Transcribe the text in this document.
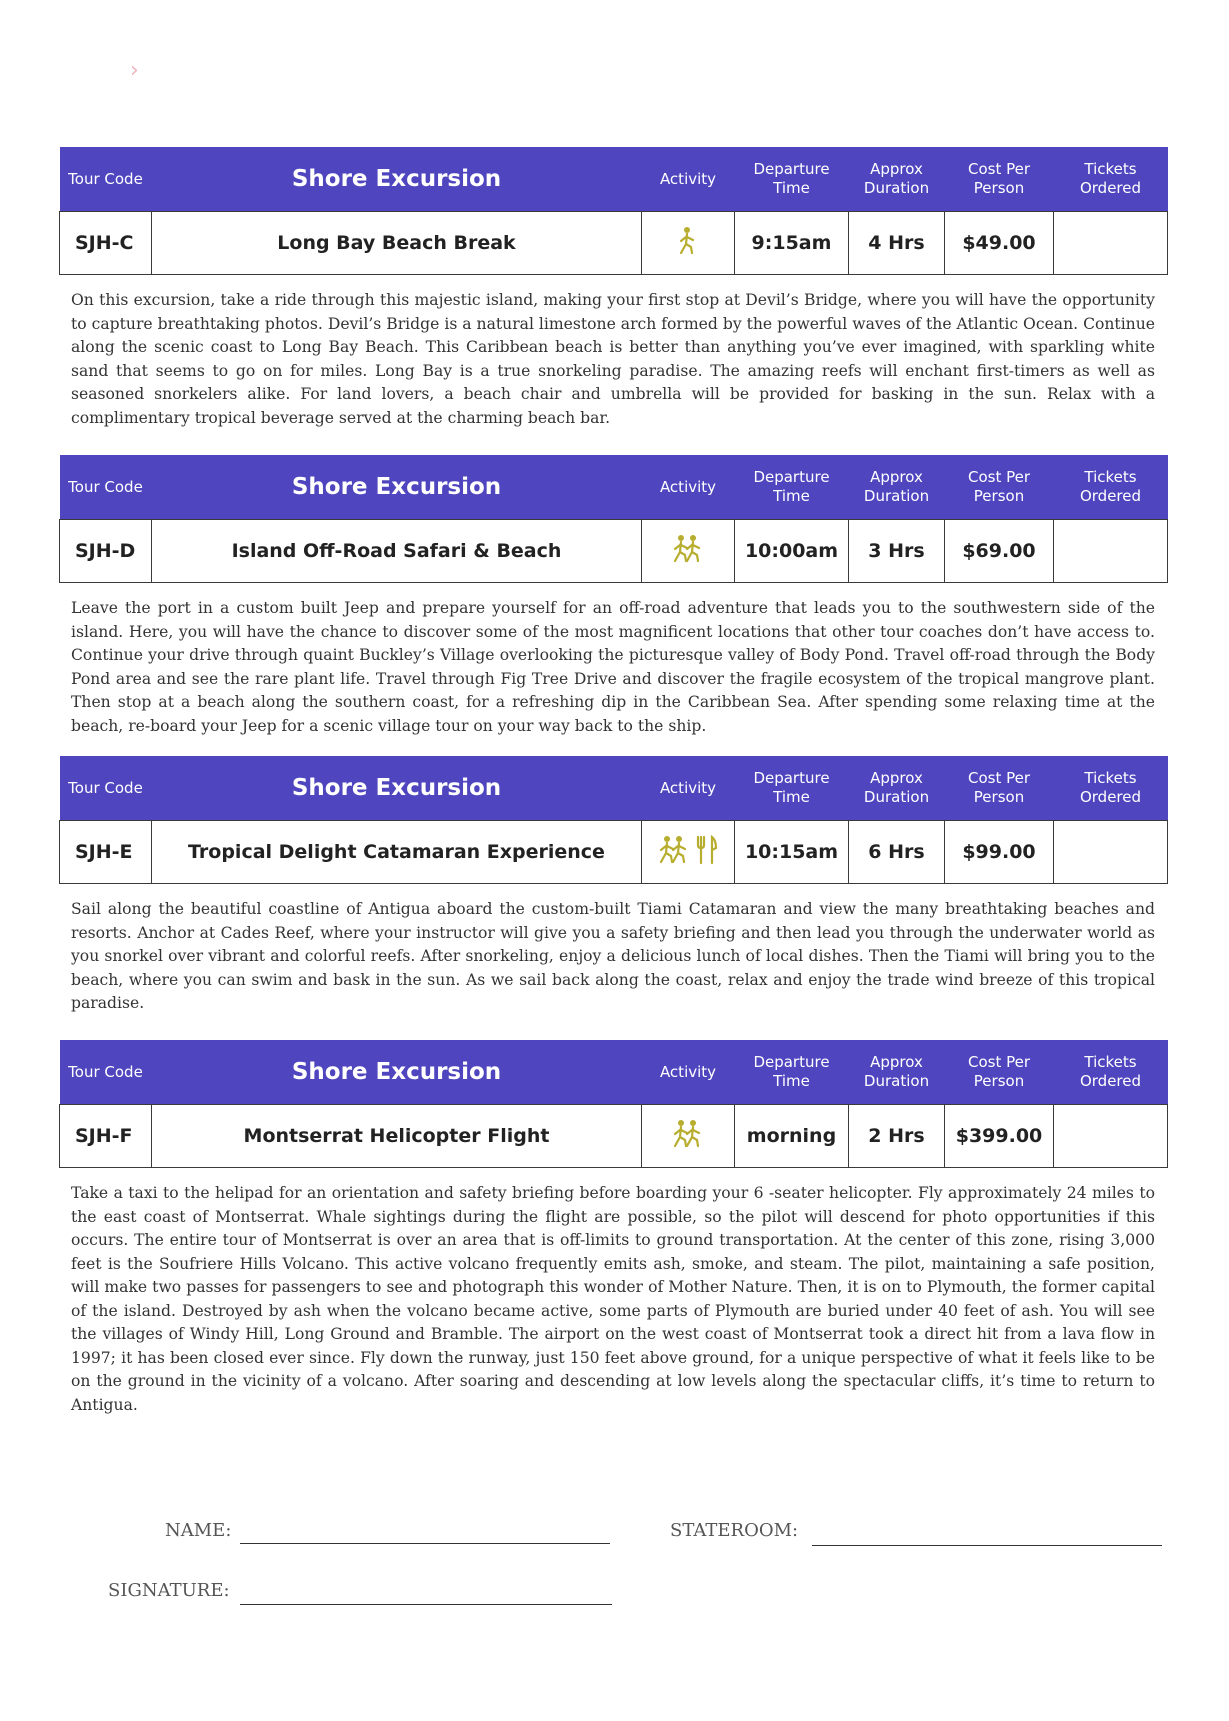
›
Tour Code	Shore Excursion	Activity	Departure Time	Approx Duration	Cost Per Person	Tickets Ordered
SJH-C	Long Bay Beach Break		9:15am	4 Hrs	$49.00	

On this excursion, take a ride through this majestic island, making your first stop at Devil’s Bridge, where you will have the opportunity to capture breathtaking photos. Devil’s Bridge is a natural limestone arch formed by the powerful waves of the Atlantic Ocean. Continue along the scenic coast to Long Bay Beach. This Caribbean beach is better than anything you’ve ever imagined, with sparkling white sand that seems to go on for miles. Long Bay is a true snorkeling paradise. The amazing reefs will enchant first-timers as well as seasoned snorkelers alike. For land lovers, a beach chair and umbrella will be provided for basking in the sun. Relax with a complimentary tropical beverage served at the charming beach bar.

Tour Code	Shore Excursion	Activity	Departure Time	Approx Duration	Cost Per Person	Tickets Ordered
SJH-D	Island Off-Road Safari & Beach		10:00am	3 Hrs	$69.00	

Leave the port in a custom built Jeep and prepare yourself for an off-road adventure that leads you to the southwestern side of the island. Here, you will have the chance to discover some of the most magnificent locations that other tour coaches don’t have access to. Continue your drive through quaint Buckley’s Village overlooking the picturesque valley of Body Pond. Travel off-road through the Body Pond area and see the rare plant life. Travel through Fig Tree Drive and discover the fragile ecosystem of the tropical mangrove plant. Then stop at a beach along the southern coast, for a refreshing dip in the Caribbean Sea. After spending some relaxing time at the beach, re-board your Jeep for a scenic village tour on your way back to the ship.

Tour Code	Shore Excursion	Activity	Departure Time	Approx Duration	Cost Per Person	Tickets Ordered
SJH-E	Tropical Delight Catamaran Experience		10:15am	6 Hrs	$99.00	

Sail along the beautiful coastline of Antigua aboard the custom-built Tiami Catamaran and view the many breathtaking beaches and resorts. Anchor at Cades Reef, where your instructor will give you a safety briefing and then lead you through the underwater world as you snorkel over vibrant and colorful reefs. After snorkeling, enjoy a delicious lunch of local dishes. Then the Tiami will bring you to the beach, where you can swim and bask in the sun. As we sail back along the coast, relax and enjoy the trade wind breeze of this tropical paradise.

Tour Code	Shore Excursion	Activity	Departure Time	Approx Duration	Cost Per Person	Tickets Ordered
SJH-F	Montserrat Helicopter Flight		morning	2 Hrs	$399.00	

Take a taxi to the helipad for an orientation and safety briefing before boarding your 6 -seater helicopter. Fly approximately 24 miles to the east coast of Montserrat. Whale sightings during the flight are possible, so the pilot will descend for photo opportunities if this occurs. The entire tour of Montserrat is over an area that is off-limits to ground transportation. At the center of this zone, rising 3,000 feet is the Soufriere Hills Volcano. This active volcano frequently emits ash, smoke, and steam. The pilot, maintaining a safe position, will make two passes for passengers to see and photograph this wonder of Mother Nature. Then, it is on to Plymouth, the former capital of the island. Destroyed by ash when the volcano became active, some parts of Plymouth are buried under 40 feet of ash. You will see the villages of Windy Hill, Long Ground and Bramble. The airport on the west coast of Montserrat took a direct hit from a lava flow in 1997; it has been closed ever since. Fly down the runway, just 150 feet above ground, for a unique perspective of what it feels like to be on the ground in the vicinity of a volcano. After soaring and descending at low levels along the spectacular cliffs, it’s time to return to Antigua.

NAME:	STATEROOM:
SIGNATURE:
